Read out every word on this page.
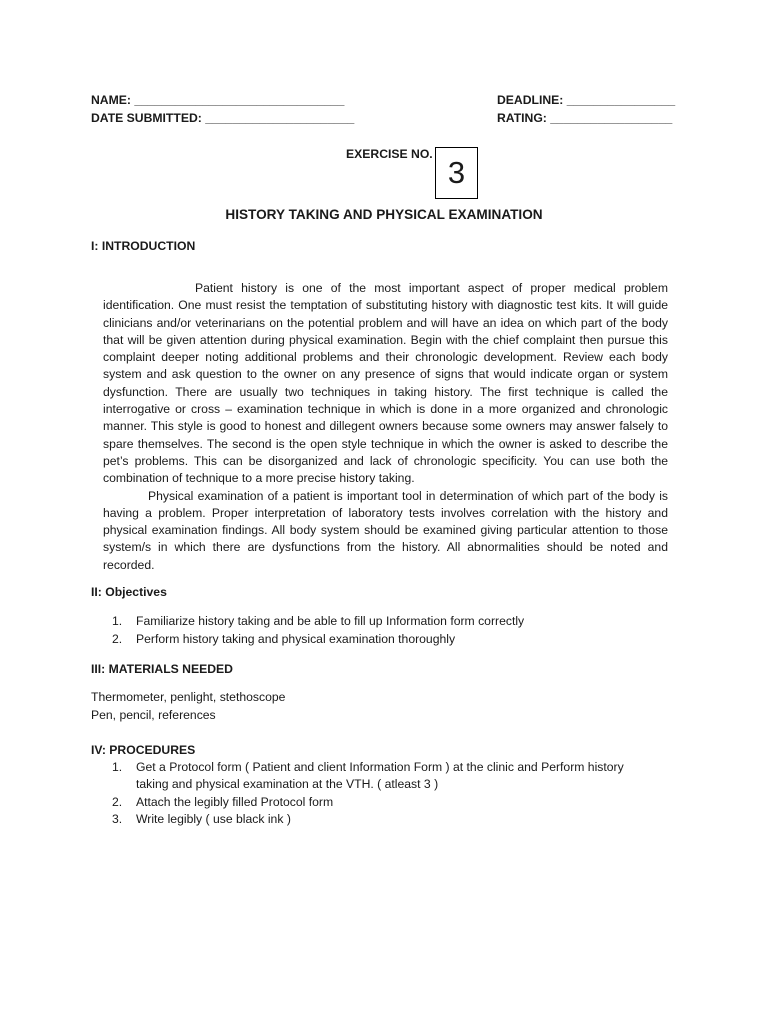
NAME: _______________________________	DEADLINE: ________________
DATE SUBMITTED: ______________________	RATING: __________________
EXERCISE NO.
3
HISTORY TAKING AND PHYSICAL EXAMINATION
I: INTRODUCTION

Patient history is one of the most important aspect of proper medical problem identification. One must resist the temptation of substituting history with diagnostic test kits. It will guide clinicians and/or veterinarians on the potential problem and will have an idea on which part of the body that will be given attention during physical examination. Begin with the chief complaint then pursue this complaint deeper noting additional problems and their chronologic development. Review each body system and ask question to the owner on any presence of signs that would indicate organ or system dysfunction. There are usually two techniques in taking history. The first technique is called the interrogative or cross – examination technique in which is done in a more organized and chronologic manner. This style is good to honest and dillegent owners because some owners may answer falsely to spare themselves. The second is the open style technique in which the owner is asked to describe the pet’s problems. This can be disorganized and lack of chronologic specificity. You can use both the combination of technique to a more precise history taking.

Physical examination of a patient is important tool in determination of which part of the body is having a problem. Proper interpretation of laboratory tests involves correlation with the history and physical examination findings. All body system should be examined giving particular attention to those system/s in which there are dysfunctions from the history. All abnormalities should be noted and recorded.

II: Objectives
1. Familiarize history taking and be able to fill up Information form correctly
2. Perform history taking and physical examination thoroughly
III: MATERIALS NEEDED
Thermometer, penlight, stethoscope
Pen, pencil, references
IV: PROCEDURES
1. Get a Protocol form ( Patient and client Information Form ) at the clinic and Perform history taking and physical examination at the VTH. ( atleast 3 )
2. Attach the legibly filled Protocol form
3. Write legibly ( use black ink )
